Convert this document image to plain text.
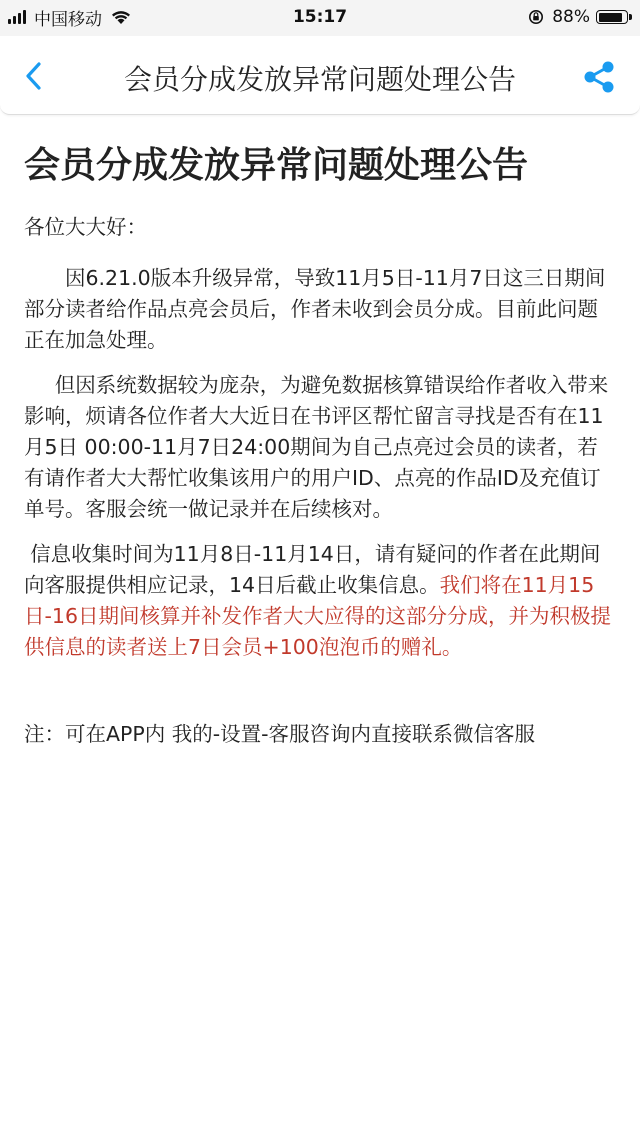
中国移动	15:17	88%
会员分成发放异常问题处理公告
会员分成发放异常问题处理公告

各位大大好：

因6.21.0版本升级异常，导致11月5日-11月7日这三日期间部分读者给作品点亮会员后，作者未收到会员分成。目前此问题正在加急处理。

但因系统数据较为庞杂，为避免数据核算错误给作者收入带来影响，烦请各位作者大大近日在书评区帮忙留言寻找是否有在11月5日 00:00-11月7日24:00期间为自己点亮过会员的读者，若有请作者大大帮忙收集该用户的用户ID、点亮的作品ID及充值订单号。客服会统一做记录并在后续核对。

信息收集时间为11月8日-11月14日，请有疑问的作者在此期间向客服提供相应记录，14日后截止收集信息。我们将在11月15日-16日期间核算并补发作者大大应得的这部分分成，并为积极提供信息的读者送上7日会员+100泡泡币的赠礼。

注：可在APP内 我的-设置-客服咨询内直接联系微信客服
